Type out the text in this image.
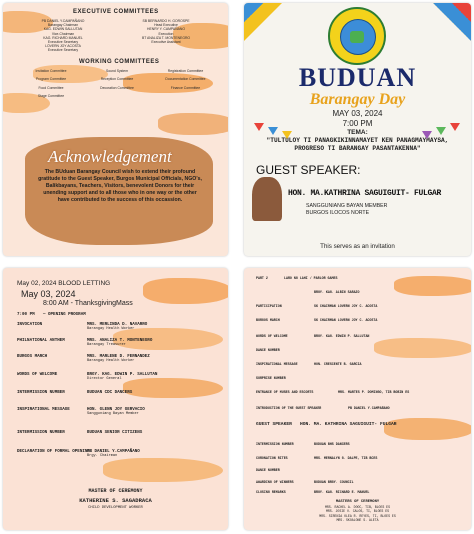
EXECUTIVE COMMITTEES
PB DANIEL Y.CAMPAÑANO
Barangay Chairman
KAG. EDWIN SALLUTAN
Vice-Chairman
KAG. RICHARD MANUEL
Executive Secretary
LOVERN JOY ACOSTA
Executive Secretary
SB BERNARDO H. GOROSPE
Head Executive
HENRY Y. CAMPAÑANO
Execution
BT ANALIZA T. MONTENEGRO
Executive Assistant
WORKING COMMITTEES
Invitation Committee

Program Committee

Food Committee

Stage Committee
Sound System

Reception Committee

Decoration Committee
Registration Committee

Documentation Committee

Finance Committee
Acknowledgement
The BUduan Barangay Council wish to extend their profound gratitude to the Guest Speaker, Burgos Municipal Officials, NGO's, Balikbayans, Teachers, Visitors, benevolent Donors for their unending support and to all those who in one way or the other have contributed to the success of this occassion.
BUDUAN
Barangay Day
MAY 03, 2024
7:00 PM
TEMA:
"TULTULOY TI PANAGKIKINNAMAYET KEN PANAGMAYMAYSA, PROGRESO TI BARANGAY PASANTAKENNA"
GUEST SPEAKER:
HON. MA.KATHRINA SAGUIGUIT- FULGAR
SANGGUNIANG BAYAN MEMBER
BURGOS ILOCOS NORTE
This serves as an invitation
May 02, 2024 BLOOD LETTING
May 03, 2024
8:00 AM - ThanksgivingMass
7:00 PM — OPENING PROGRAM
INVOCATION	MRS. MERLINDA D. NAVARRO
Barangay Health Worker
PHILNATIONAL ANTHEM	MRS. ANALIZA T. MONTENEGRO
Barangay Treasurer
BURGOS MARCH	MRS. MARLENE D. FERNANDEZ
Barangay Health Worker
WORDS OF WELCOME	BRGY. KAG. EDWIN P. SALLUTAN
Director General
INTERMISSION NUMBER	BUDUAN CDC DANCERS
INSPIRATIONAL MESSAGE	HON. GLENN JOY GERVACIO
Sangguniang Bayan Member
INTERMISSION NUMBER	BUDUAN SENIOR CITIZENS
DECLARATION OF FORMAL OPENING
PB DANIEL Y.CAMPAÑANO
Brgy. Chairman
MASTER OF CEREMONY
KATHERINE S. SAGADRACA
CHILD DEVELOPMENT WORKER
PART 2	LARO NG LAHI / PARLOR GAMES
BRGY. KAG. ALBIN SARAZO
PARTICIPATION	SK CHAIRMAN LOVERN JOY C. ACOSTA
BURGOS MARCH	SK CHAIRMAN LOVERN JOY C. ACOSTA
WORDS OF WELCOME	BRGY. KAG. EDWIN P. SALLUTAN
DANCE NUMBER
INSPIRATIONAL MESSAGE	HON. CRESCENTE B. GARCIA
SURPRISE NUMBER
ENTRANCE OF MUSES AND ESCORTS	MRS. MARTES P. DOMINGO, TIB BOBIN ES
INTRODUCTION OF THE GUEST SPEAKER	PB DANIEL Y.CAMPAÑANO
GUEST SPEAKER HON. MA. KATHRINA SAGUIGUIT- FULGAR
INTERMISSION NUMBER	BUDUAN BHS DANCERS
CORONATION RITES	MRS. MERNALYN G. DALPE, TIB BCES
DANCE NUMBER
AWARDING OF WINNERS	BUDUAN BRGY. COUNCIL
CLOSING REMARKS	BRGY. KAG. RICHARD E. MANUEL
MASTERS OF CEREMONY
MRS. RACHEL A. DOOC, TIB, BLOES ES
MRS. JOSIE V. CALOS, TI, BLOES ES
MRS. SIRENIA OLEA R. REYES, TI, BLOES ES
MRS. SKOALONE S. ALETA
